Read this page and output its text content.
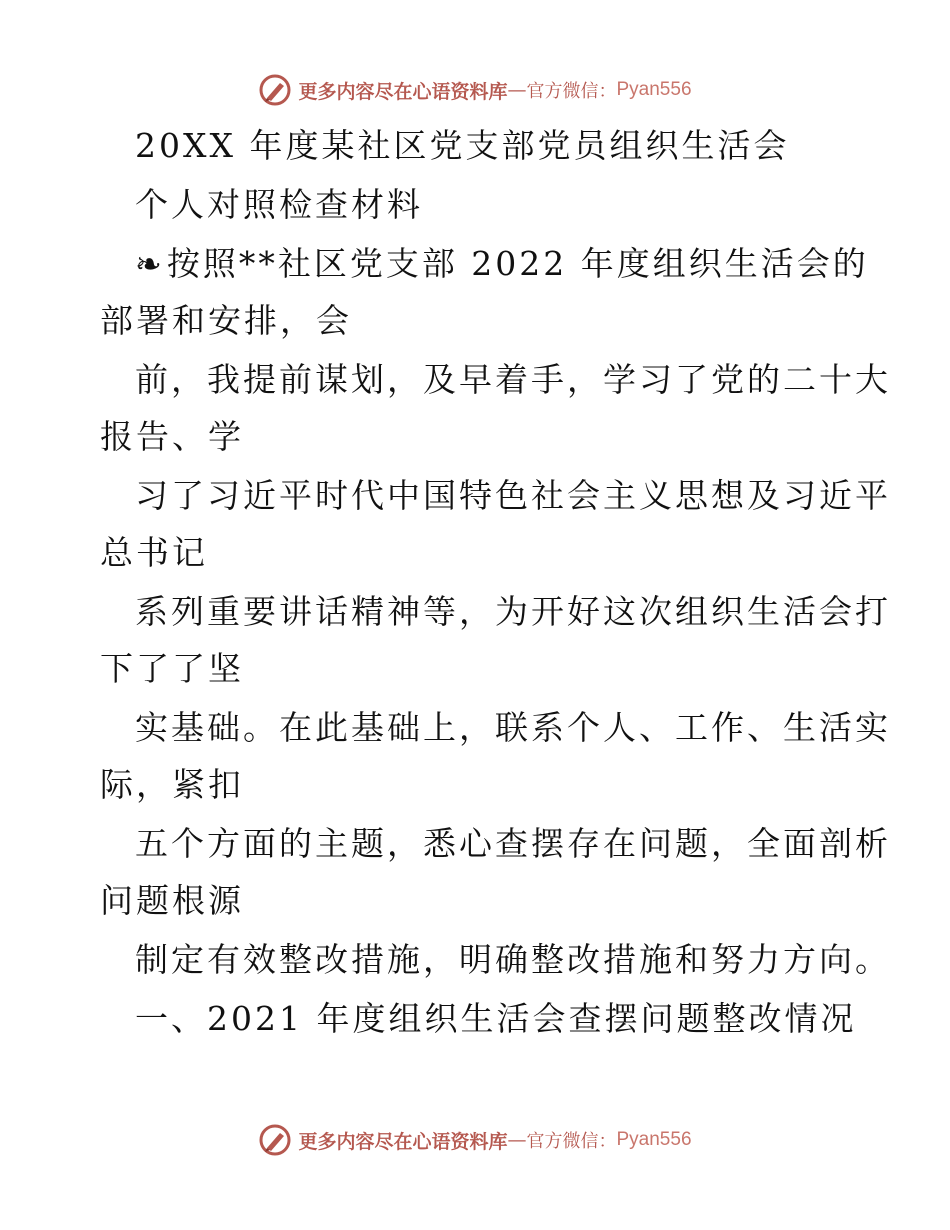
更多内容尽在心语资料库 — 官方微信： Pyan556
20XX 年度某社区党支部党员组织生活会
个人对照检查材料
❧按照**社区党支部 2022 年度组织生活会的
部署和安排，会
前，我提前谋划，及早着手，学习了党的二十大
报告、学
习了习近平时代中国特色社会主义思想及习近平
总书记
系列重要讲话精神等，为开好这次组织生活会打
下了了坚
实基础。在此基础上，联系个人、工作、生活实
际，紧扣
五个方面的主题，悉心查摆存在问题，全面剖析
问题根源
制定有效整改措施，明确整改措施和努力方向。
一、2021 年度组织生活会查摆问题整改情况
更多内容尽在心语资料库 — 官方微信： Pyan556
